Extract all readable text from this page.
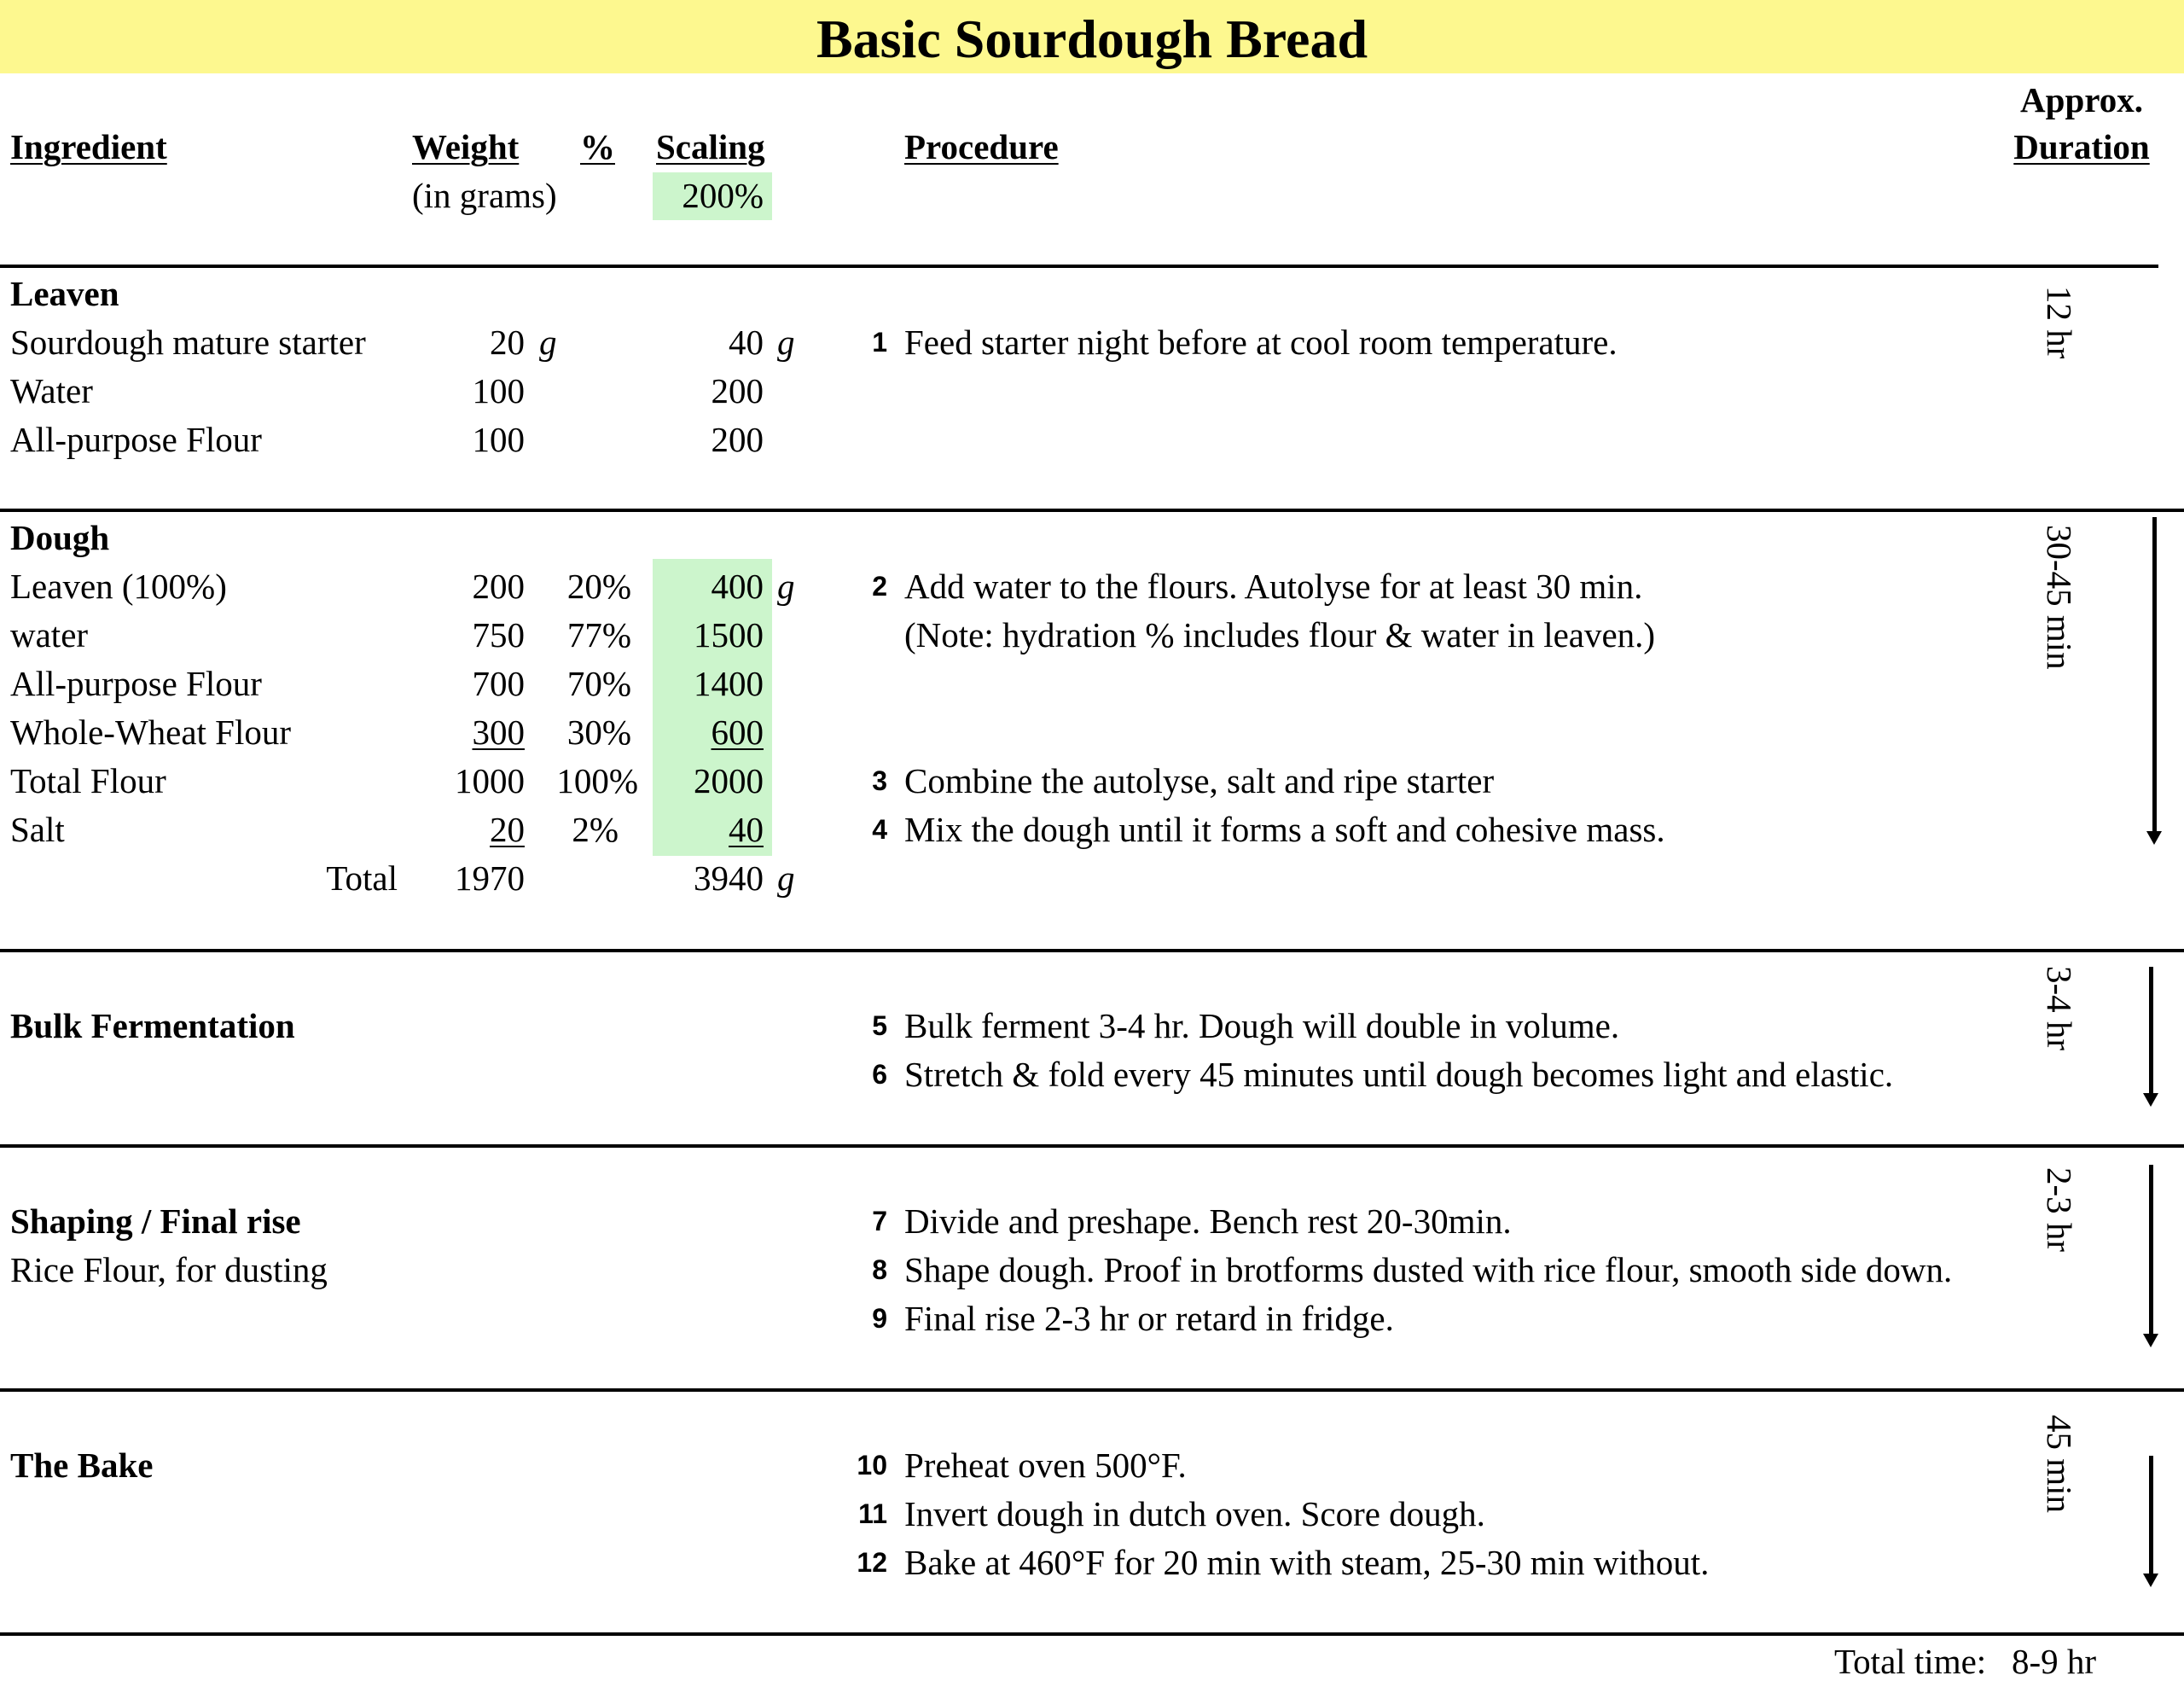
Basic Sourdough Bread
Ingredient	Weight % Scaling
(in grams)	200%
Procedure
Approx.
Duration
Leaven
Sourdough mature starter	20 g	40 g
Water	100	200
All-purpose Flour	100	200
1 Feed starter night before at cool room temperature.	12 hr
Dough
Leaven (100%)	200	20%	400 g
water	750	77%	1500
All-purpose Flour	700	70%	1400
Whole-Wheat Flour	300	30%	600
Total Flour	1000 100%	2000
Salt	20	2%	40
Total	1970	3940 g
2 Add water to the flours. Autolyse for at least 30 min.
(Note: hydration % includes flour & water in leaven.)
3 Combine the autolyse, salt and ripe starter
4 Mix the dough until it forms a soft and cohesive mass.
30-45 min
Bulk Fermentation	5 Bulk ferment 3-4 hr. Dough will double in volume.
6 Stretch & fold every 45 minutes until dough becomes light and elastic.
3-4 hr
Shaping / Final rise
Rice Flour, for dusting
7 Divide and preshape. Bench rest 20-30min.
8 Shape dough. Proof in brotforms dusted with rice flour, smooth side down.
9 Final rise 2-3 hr or retard in fridge.
2-3 hr
The Bake	10 Preheat oven 500°F.
11 Invert dough in dutch oven. Score dough.
12 Bake at 460°F for 20 min with steam, 25-30 min without.
45 min
Total time: 8-9 hr
